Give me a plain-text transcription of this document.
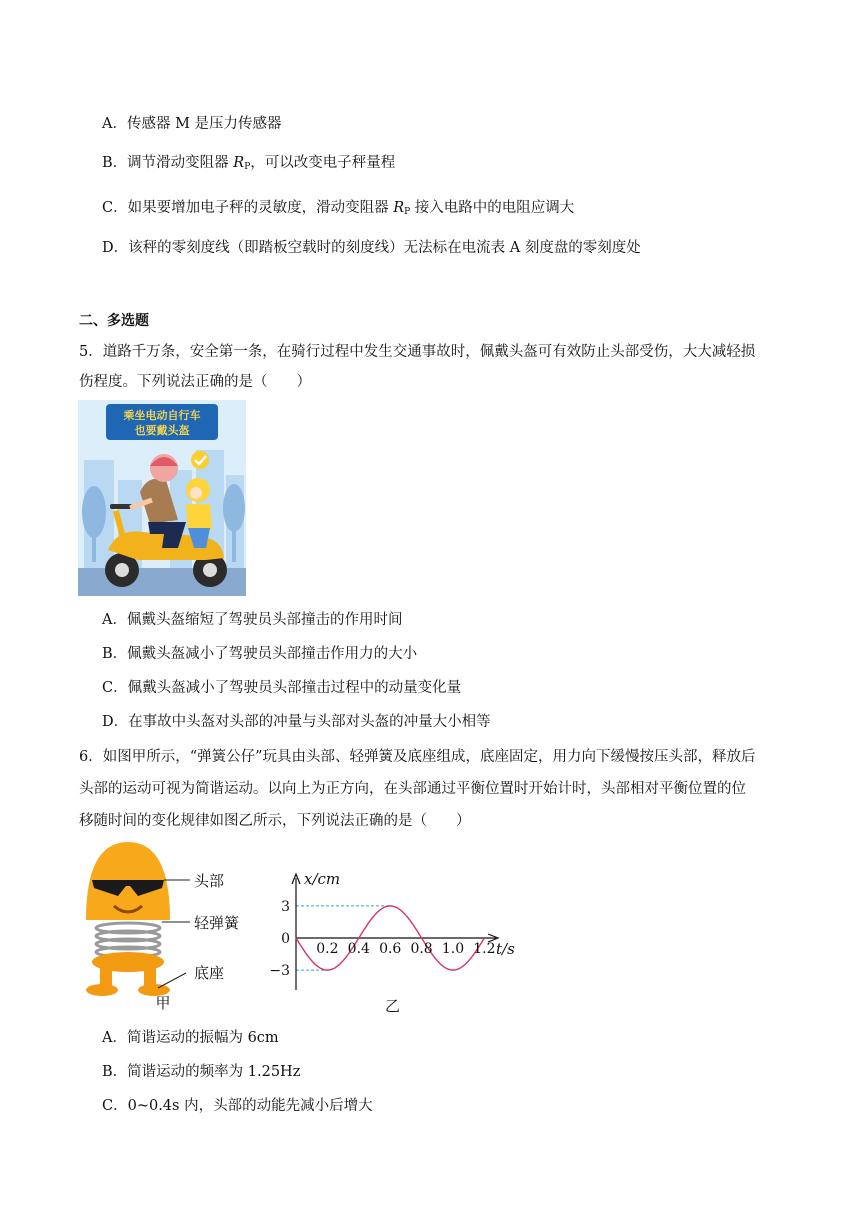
A．传感器 M 是压力传感器
B．调节滑动变阻器 $R_P$，可以改变电子秤量程
C．如果要增加电子秤的灵敏度，滑动变阻器 $R_P$ 接入电路中的电阻应调大
D．该秤的零刻度线（即踏板空载时的刻度线）无法标在电流表 A 刻度盘的零刻度处
二、多选题
5．道路千万条，安全第一条，在骑行过程中发生交通事故时，佩戴头盔可有效防止头部受伤，大大减轻损
伤程度。下列说法正确的是（　　）
乘坐电动自行车
也要戴头盔
A．佩戴头盔缩短了驾驶员头部撞击的作用时间
B．佩戴头盔减小了驾驶员头部撞击作用力的大小
C．佩戴头盔减小了驾驶员头部撞击过程中的动量变化量
D．在事故中头盔对头部的冲量与头部对头盔的冲量大小相等
6．如图甲所示，“弹簧公仔”玩具由头部、轻弹簧及底座组成，底座固定，用力向下缓慢按压头部，释放后
头部的运动可视为简谐运动。以向上为正方向，在头部通过平衡位置时开始计时，头部相对平衡位置的位
移随时间的变化规律如图乙所示，下列说法正确的是（　　）
头部
轻弹簧
底座
甲
0.2 0.4 0.6 0.8 1.0 1.2
3
0
−3
x/cm
t/s
乙
A．简谐运动的振幅为 6cm
B．简谐运动的频率为 1.25Hz
C．0~0.4s 内，头部的动能先减小后增大
